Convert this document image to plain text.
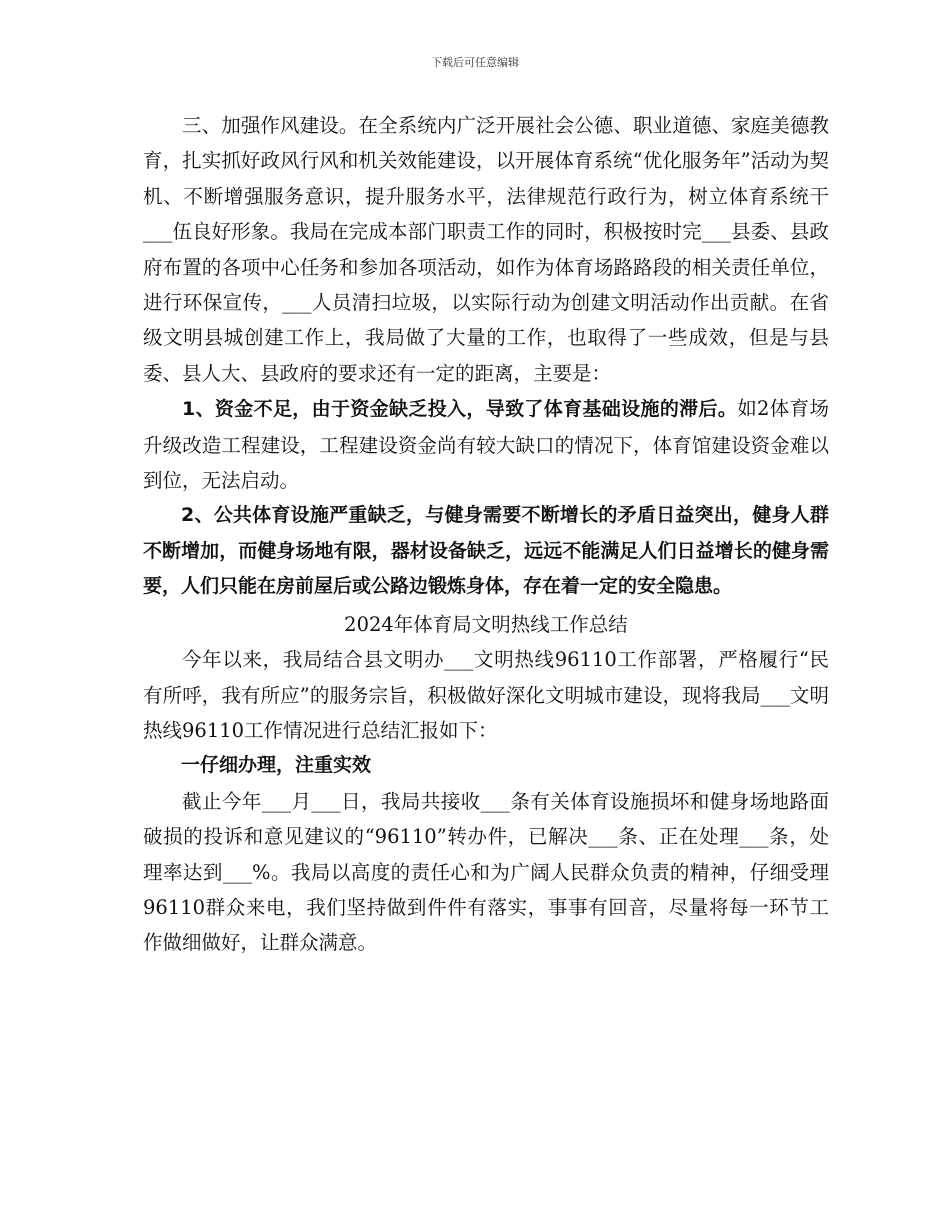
下载后可任意编辑

三、加强作风建设。在全系统内广泛开展社会公德、职业道德、家庭美德教育，扎实抓好政风行风和机关效能建设，以开展体育系统“优化服务年”活动为契机、不断增强服务意识，提升服务水平，法律规范行政行为，树立体育系统干___伍良好形象。我局在完成本部门职责工作的同时，积极按时完___县委、县政府布置的各项中心任务和参加各项活动，如作为体育场路路段的相关责任单位，进行环保宣传，___人员清扫垃圾，以实际行动为创建文明活动作出贡献。在省级文明县城创建工作上，我局做了大量的工作，也取得了一些成效，但是与县委、县人大、县政府的要求还有一定的距离，主要是：

1、资金不足，由于资金缺乏投入，导致了体育基础设施的滞后。如2体育场升级改造工程建设，工程建设资金尚有较大缺口的情况下，体育馆建设资金难以到位，无法启动。

2、公共体育设施严重缺乏，与健身需要不断增长的矛盾日益突出，健身人群不断增加，而健身场地有限，器材设备缺乏，远远不能满足人们日益增长的健身需要，人们只能在房前屋后或公路边锻炼身体，存在着一定的安全隐患。

2024年体育局文明热线工作总结

今年以来，我局结合县文明办___文明热线96110工作部署，严格履行“民有所呼，我有所应”的服务宗旨，积极做好深化文明城市建设，现将我局___文明热线96110工作情况进行总结汇报如下：

一仔细办理，注重实效

截止今年___月___日，我局共接收___条有关体育设施损坏和健身场地路面破损的投诉和意见建议的“96110”转办件，已解决___条、正在处理___条，处理率达到___%。我局以高度的责任心和为广阔人民群众负责的精神，仔细受理96110群众来电，我们坚持做到件件有落实，事事有回音，尽量将每一环节工作做细做好，让群众满意。
